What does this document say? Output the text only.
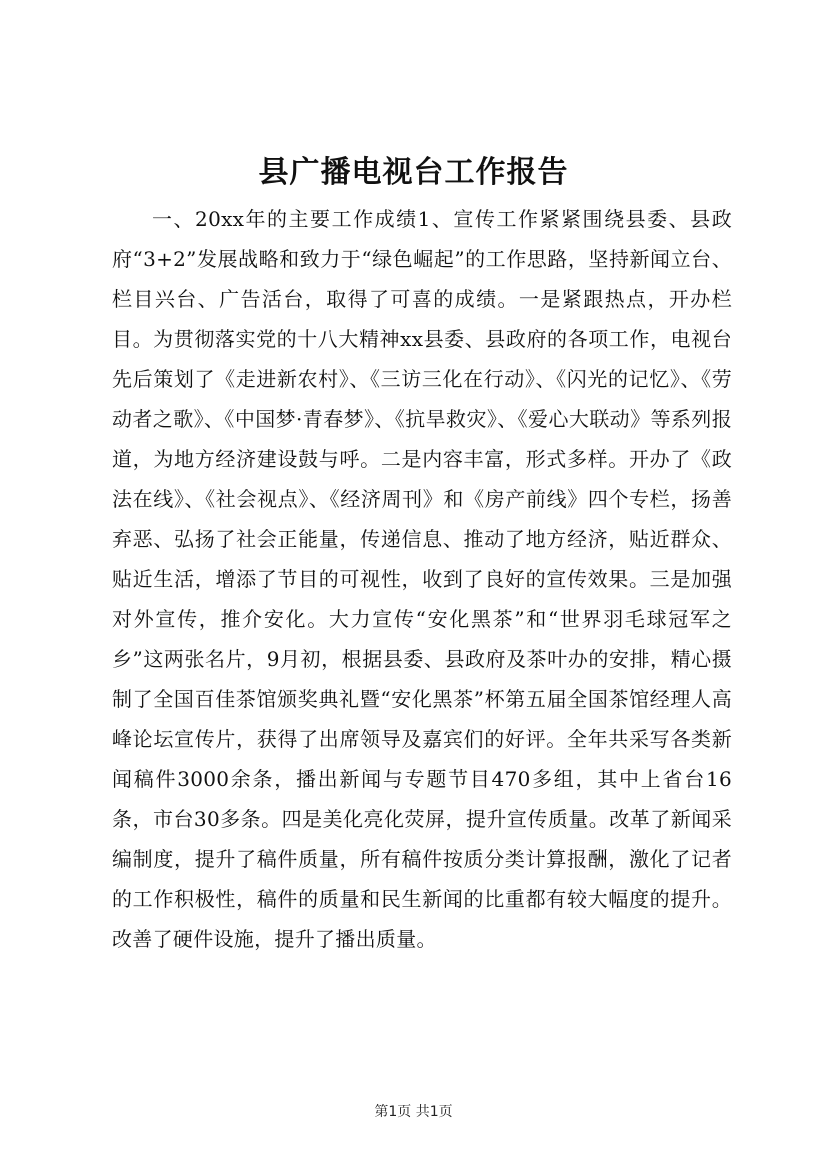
县广播电视台工作报告

一、20xx年的主要工作成绩1、宣传工作紧紧围绕县委、县政府“3+2”发展战略和致力于“绿色崛起”的工作思路，坚持新闻立台、栏目兴台、广告活台，取得了可喜的成绩。一是紧跟热点，开办栏目。为贯彻落实党的十八大精神xx县委、县政府的各项工作，电视台先后策划了《走进新农村》、《三访三化在行动》、《闪光的记忆》、《劳动者之歌》、《中国梦·青春梦》、《抗旱救灾》、《爱心大联动》等系列报道，为地方经济建设鼓与呼。二是内容丰富，形式多样。开办了《政法在线》、《社会视点》、《经济周刊》和《房产前线》四个专栏，扬善弃恶、弘扬了社会正能量，传递信息、推动了地方经济，贴近群众、贴近生活，增添了节目的可视性，收到了良好的宣传效果。三是加强对外宣传，推介安化。大力宣传“安化黑茶”和“世界羽毛球冠军之乡”这两张名片，9月初，根据县委、县政府及茶叶办的安排，精心摄制了全国百佳茶馆颁奖典礼暨“安化黑茶”杯第五届全国茶馆经理人高峰论坛宣传片，获得了出席领导及嘉宾们的好评。全年共采写各类新闻稿件3000余条，播出新闻与专题节目470多组，其中上省台16条，市台30多条。四是美化亮化荧屏，提升宣传质量。改革了新闻采编制度，提升了稿件质量，所有稿件按质分类计算报酬，激化了记者的工作积极性，稿件的质量和民生新闻的比重都有较大幅度的提升。改善了硬件设施，提升了播出质量。

第1页 共1页
